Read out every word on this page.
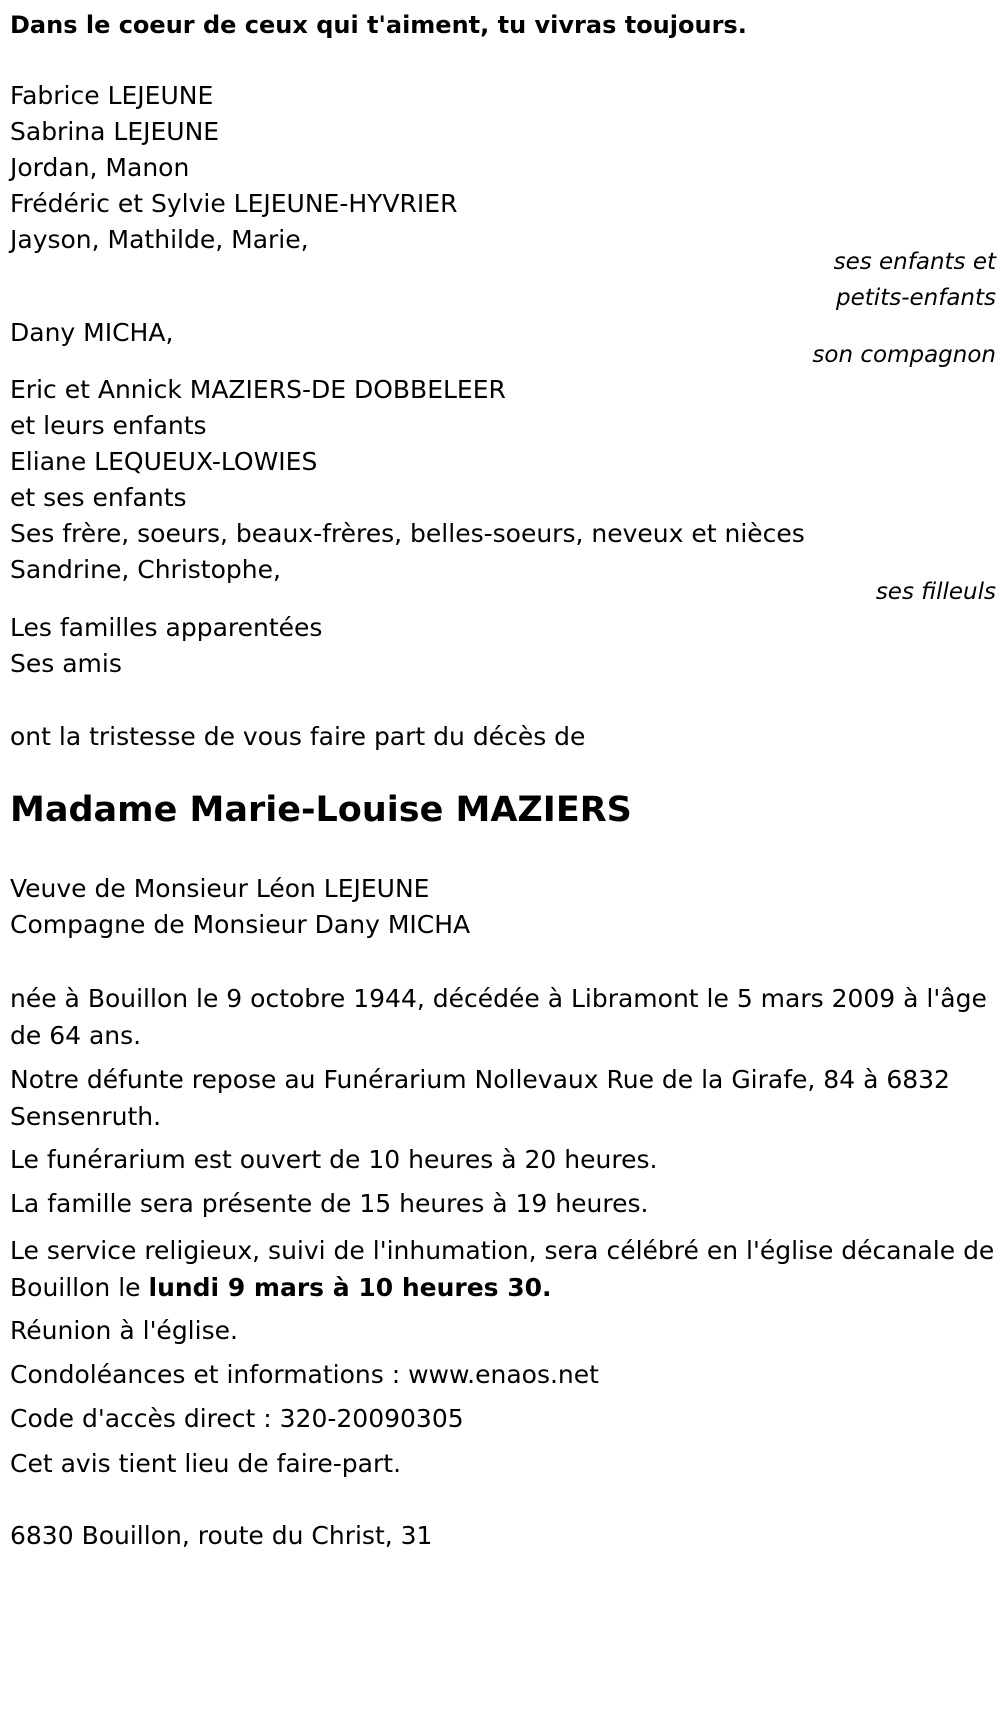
Dans le coeur de ceux qui t'aiment, tu vivras toujours.
Fabrice LEJEUNE
Sabrina LEJEUNE
Jordan, Manon
Frédéric et Sylvie LEJEUNE-HYVRIER
Jayson, Mathilde, Marie,
ses enfants et
petits-enfants
Dany MICHA,
son compagnon
Eric et Annick MAZIERS-DE DOBBELEER
et leurs enfants
Eliane LEQUEUX-LOWIES
et ses enfants
Ses frère, soeurs, beaux-frères, belles-soeurs, neveux et nièces
Sandrine, Christophe,
ses filleuls
Les familles apparentées
Ses amis
ont la tristesse de vous faire part du décès de
Madame Marie-Louise MAZIERS
Veuve de Monsieur Léon LEJEUNE
Compagne de Monsieur Dany MICHA
née à Bouillon le 9 octobre 1944, décédée à Libramont le 5 mars 2009 à l'âge de 64 ans.
Notre défunte repose au Funérarium Nollevaux Rue de la Girafe, 84 à 6832 Sensenruth.
Le funérarium est ouvert de 10 heures à 20 heures.
La famille sera présente de 15 heures à 19 heures.
Le service religieux, suivi de l'inhumation, sera célébré en l'église décanale de Bouillon le lundi 9 mars à 10 heures 30.
Réunion à l'église.
Condoléances et informations : www.enaos.net
Code d'accès direct : 320-20090305
Cet avis tient lieu de faire-part.
6830 Bouillon, route du Christ, 31
